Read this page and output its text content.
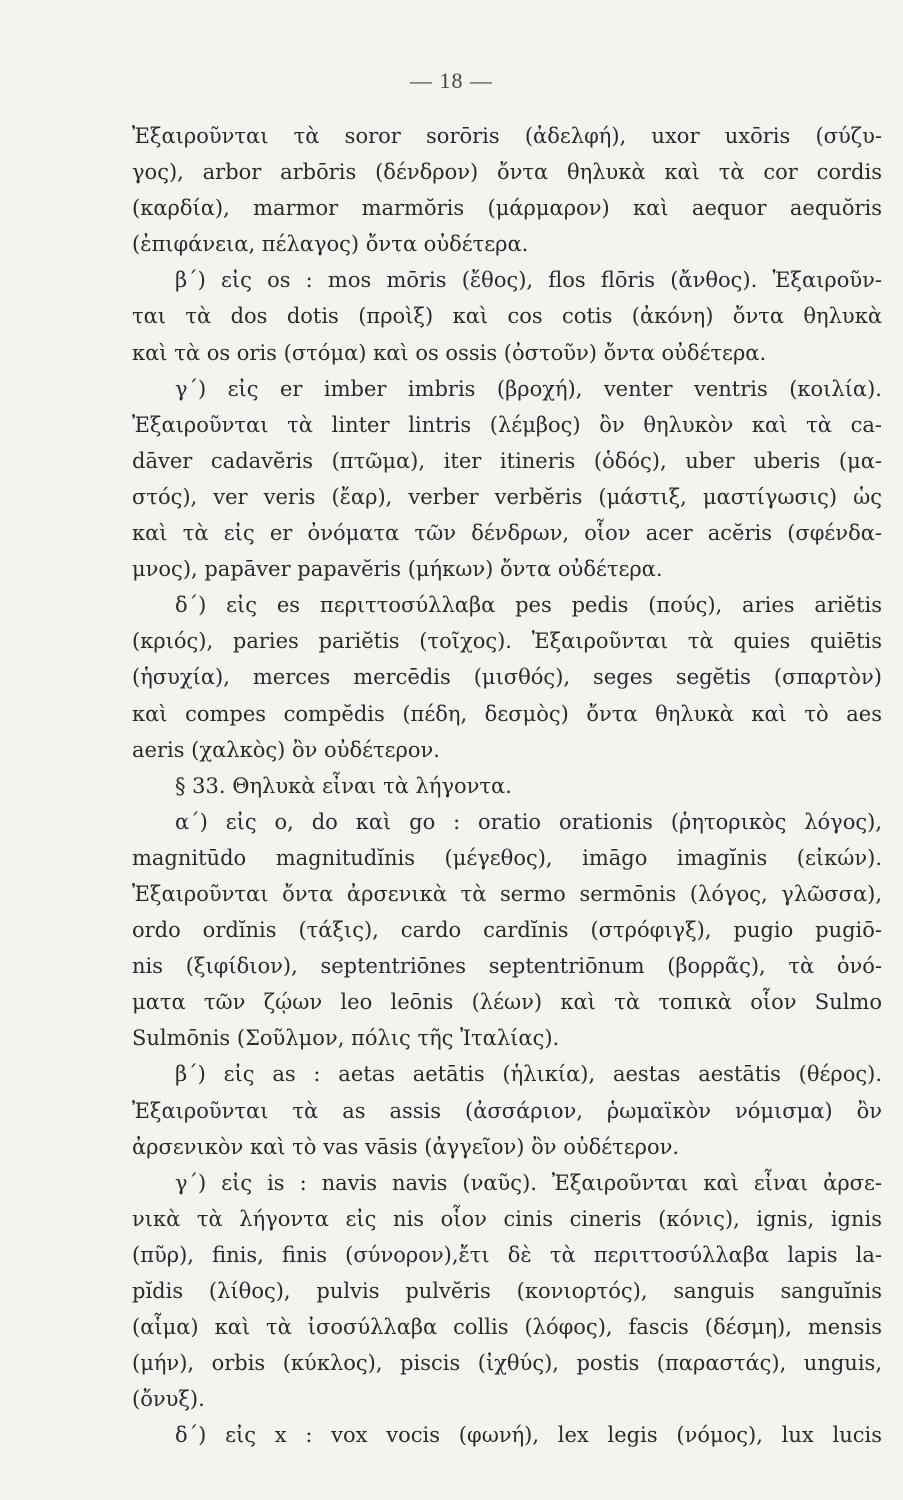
— 18 —
Ἐξαιροῦνται τὰ soror sorōris (ἀδελφή), uxor uxōris (σύζυ-
γος), arbor arbōris (δένδρον) ὄντα θηλυκὰ καὶ τὰ cor cordis
(καρδία), marmor marmŏris (μάρμαρον) καὶ aequor aequŏris
(ἐπιφάνεια, πέλαγος) ὄντα οὐδέτερα.
β΄) εἰς os : mos mōris (ἔθος), flos flōris (ἄνθος). Ἐξαιροῦν-
ται τὰ dos dotis (προὶξ) καὶ cos cotis (ἀκόνη) ὄντα θηλυκὰ
καὶ τὰ os oris (στόμα) καὶ os ossis (ὀστοῦν) ὄντα οὐδέτερα.
γ΄) εἰς er imber imbris (βροχή), venter ventris (κοιλία).
Ἐξαιροῦνται τὰ linter lintris (λέμβος) ὂν θηλυκὸν καὶ τὰ ca-
dāver cadavĕris (πτῶμα), iter itineris (ὁδός), uber uberis (μα-
στός), ver veris (ἔαρ), verber verbĕris (μάστιξ, μαστίγωσις) ὡς
καὶ τὰ εἰς er ὀνόματα τῶν δένδρων, οἷον acer acĕris (σφένδα-
μνος), papāver papavĕris (μήκων) ὄντα οὐδέτερα.
δ΄) εἰς es περιττοσύλλαβα pes pedis (πούς), aries ariĕtis
(κριός), paries pariĕtis (τοῖχος). Ἐξαιροῦνται τὰ quies quiētis
(ἡσυχία), merces mercēdis (μισθός), seges segĕtis (σπαρτὸν)
καὶ compes compĕdis (πέδη, δεσμὸς) ὄντα θηλυκὰ καὶ τὸ aes
aeris (χαλκὸς) ὂν οὐδέτερον.
§ 33. Θηλυκὰ εἶναι τὰ λήγοντα.
α΄) εἰς o, do καὶ go : oratio orationis (ῥητορικὸς λόγος),
magnitūdo magnitudĭnis (μέγεθος), imāgo imagĭnis (εἰκών).
Ἐξαιροῦνται ὄντα ἀρσενικὰ τὰ sermo sermōnis (λόγος, γλῶσσα),
ordo ordĭnis (τάξις), cardo cardĭnis (στρόφιγξ), pugio pugiō-
nis (ξιφίδιον), septentriōnes septentriōnum (βορρᾶς), τὰ ὀνό-
ματα τῶν ζῴων leo leōnis (λέων) καὶ τὰ τοπικὰ οἷον Sulmo
Sulmōnis (Σοῦλμον, πόλις τῆς Ἰταλίας).
β΄) εἰς as : aetas aetātis (ἡλικία), aestas aestātis (θέρος).
Ἐξαιροῦνται τὰ as assis (ἀσσάριον, ῥωμαϊκὸν νόμισμα) ὂν
ἀρσενικὸν καὶ τὸ vas vāsis (ἀγγεῖον) ὂν οὐδέτερον.
γ΄) εἰς is : navis navis (ναῦς). Ἐξαιροῦνται καὶ εἶναι ἀρσε-
νικὰ τὰ λήγοντα εἰς nis οἷον cinis cineris (κόνις), ignis, ignis
(πῦρ), finis, finis (σύνορον),ἔτι δὲ τὰ περιττοσύλλαβα lapis la-
pĭdis (λίθος), pulvis pulvĕris (κονιορτός), sanguis sanguĭnis
(αἷμα) καὶ τὰ ἰσοσύλλαβα collis (λόφος), fascis (δέσμη), mensis
(μήν), orbis (κύκλος), piscis (ἰχθύς), postis (παραστάς), unguis,
(ὄνυξ).
δ΄) εἰς x : vox vocis (φωνή), lex legis (νόμος), lux lucis
